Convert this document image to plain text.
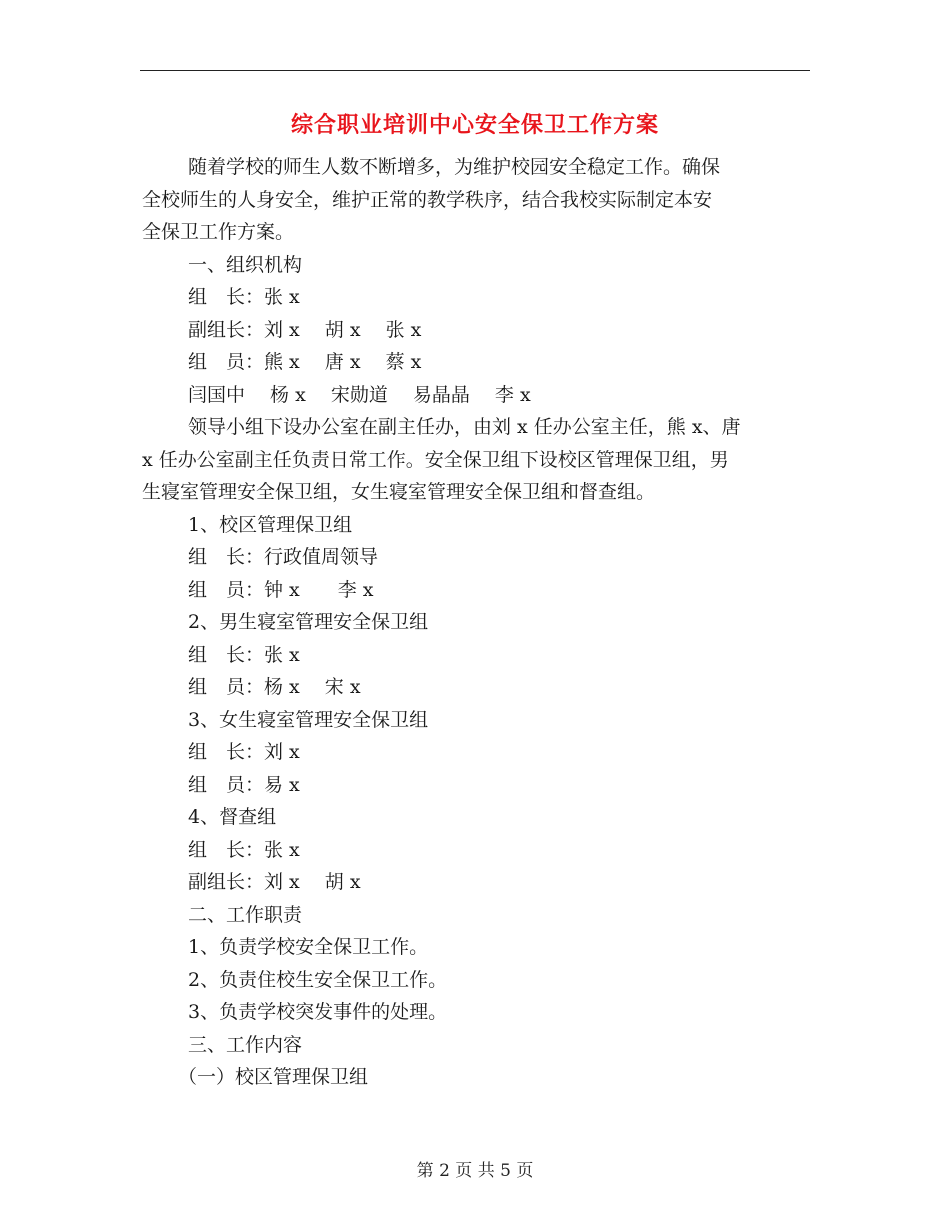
综合职业培训中心安全保卫工作方案
随着学校的师生人数不断增多，为维护校园安全稳定工作。确保
全校师生的人身安全，维护正常的教学秩序，结合我校实际制定本安
全保卫工作方案。
一、组织机构
组　长：张 x
副组长：刘 x　 胡 x　 张 x
组　员：熊 x　 唐 x　 蔡 x
闫国中　 杨 x　 宋勋道　 易晶晶　 李 x
领导小组下设办公室在副主任办，由刘 x 任办公室主任，熊 x、唐
x 任办公室副主任负责日常工作。安全保卫组下设校区管理保卫组，男
生寝室管理安全保卫组，女生寝室管理安全保卫组和督查组。
1、校区管理保卫组
组　长：行政值周领导
组　员：钟 x　　李 x
2、男生寝室管理安全保卫组
组　长：张 x
组　员：杨 x　 宋 x
3、女生寝室管理安全保卫组
组　长：刘 x
组　员：易 x
4、督查组
组　长：张 x
副组长：刘 x　 胡 x
二、工作职责
1、负责学校安全保卫工作。
2、负责住校生安全保卫工作。
3、负责学校突发事件的处理。
三、工作内容
（一）校区管理保卫组
第 2 页 共 5 页
